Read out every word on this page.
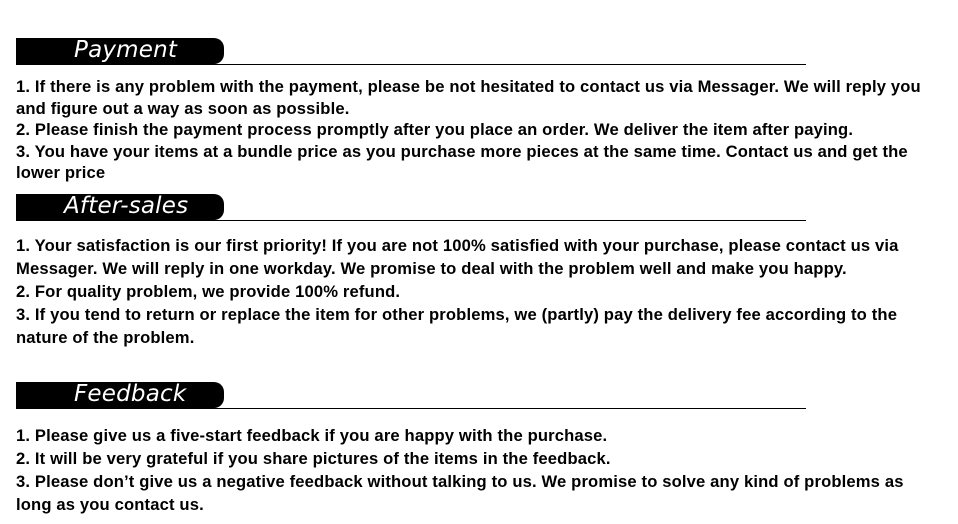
Payment

1. If there is any problem with the payment, please be not hesitated to contact us via Messager. We will reply you and figure out a way as soon as possible.

2. Please finish the payment process promptly after you place an order. We deliver the item after paying.

3. You have your items at a bundle price as you purchase more pieces at the same time. Contact us and get the lower price

After-sales

1. Your satisfaction is our first priority! If you are not 100% satisfied with your purchase, please contact us via Messager. We will reply in one workday. We promise to deal with the problem well and make you happy.

2. For quality problem, we provide 100% refund.

3. If you tend to return or replace the item for other problems, we (partly) pay the delivery fee according to the nature of the problem.

Feedback

1. Please give us a five-start feedback if you are happy with the purchase.

2. It will be very grateful if you share pictures of the items in the feedback.

3. Please don’t give us a negative feedback without talking to us. We promise to solve any kind of problems as long as you contact us.
